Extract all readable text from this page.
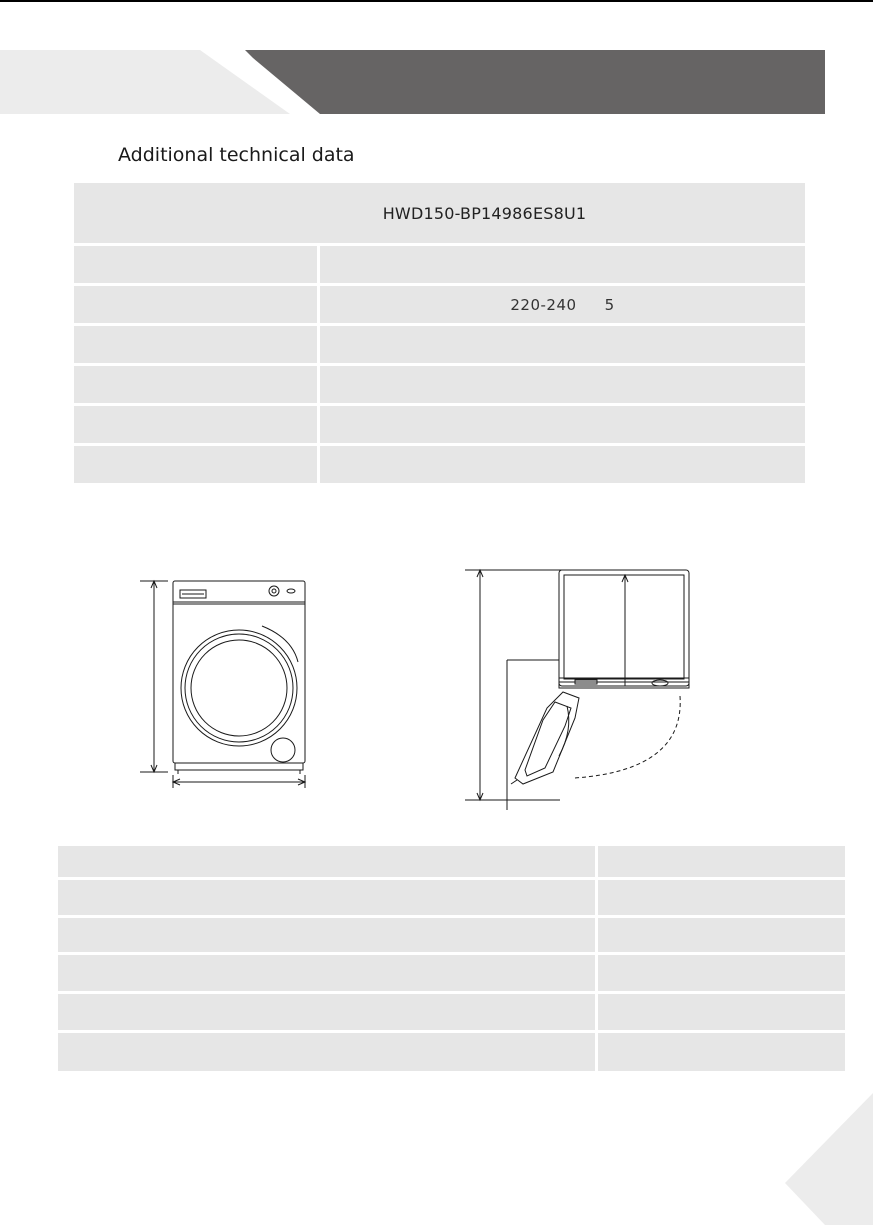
Additional technical data
HWD150-BP14986ES8U1
220-240 5
